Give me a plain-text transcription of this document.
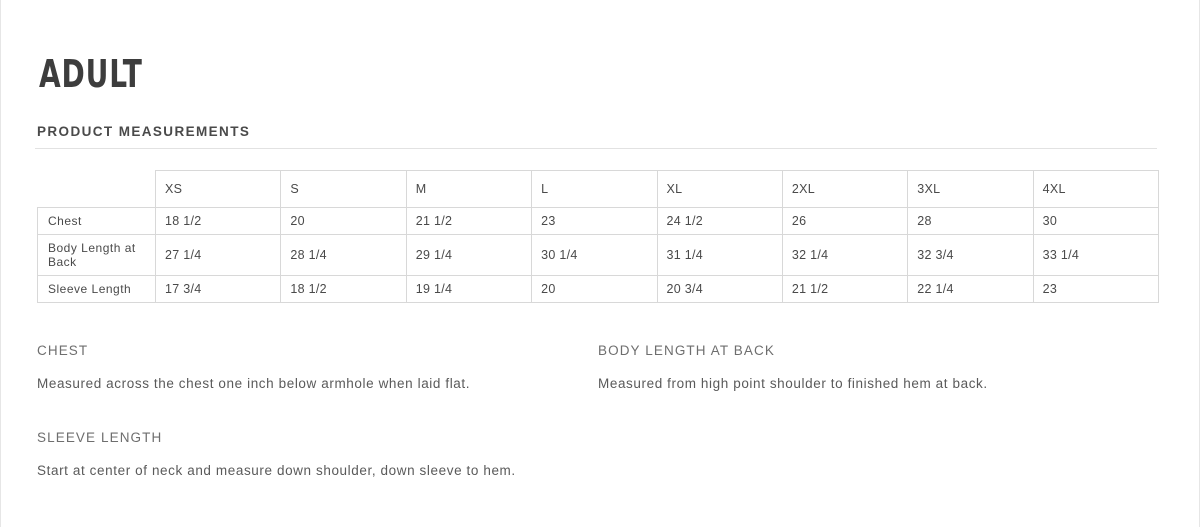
ADULT
PRODUCT MEASUREMENTS
	XS	S	M	L	XL	2XL	3XL	4XL
Chest	18 1/2	20	21 1/2	23	24 1/2	26	28	30
Body Length at Back	27 1/4	28 1/4	29 1/4	30 1/4	31 1/4	32 1/4	32 3/4	33 1/4
Sleeve Length	17 3/4	18 1/2	19 1/4	20	20 3/4	21 1/2	22 1/4	23
CHEST
Measured across the chest one inch below armhole when laid flat.
BODY LENGTH AT BACK
Measured from high point shoulder to finished hem at back.
SLEEVE LENGTH
Start at center of neck and measure down shoulder, down sleeve to hem.
